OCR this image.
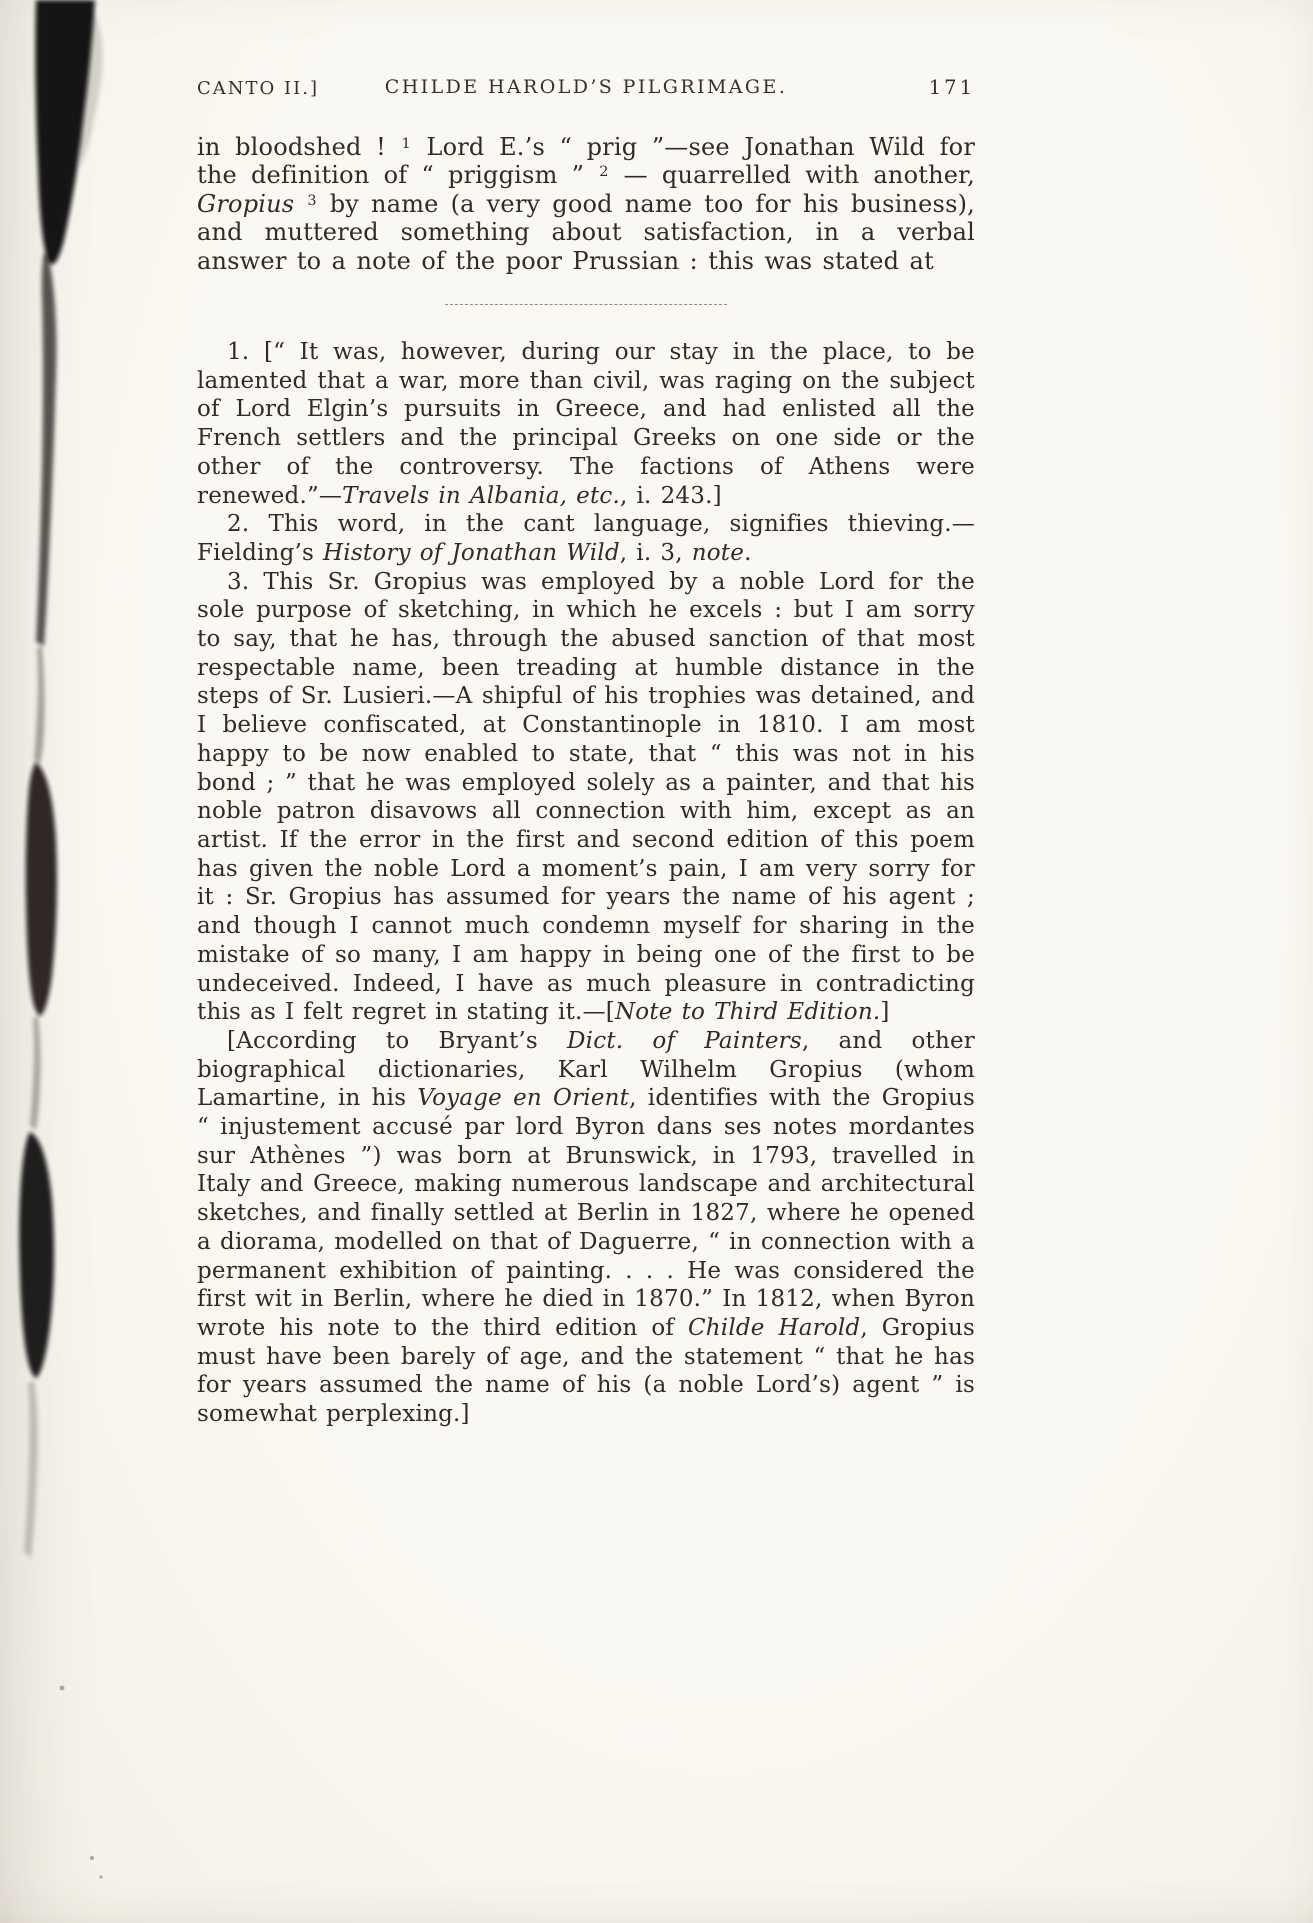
CHILDE HAROLD’S PILGRIMAGE.
CANTO II.]	171

in bloodshed ! $^1$ Lord E.’s “ prig ”—see Jonathan Wild for the definition of “ priggism ” $^2$ — quarrelled with another, Gropius $^3$ by name (a very good name too for his business), and muttered something about satisfaction, in a verbal answer to a note of the poor Prussian : this was stated at

1. [“ It was, however, during our stay in the place, to be lamented that a war, more than civil, was raging on the subject of Lord Elgin’s pursuits in Greece, and had enlisted all the French settlers and the principal Greeks on one side or the other of the controversy. The factions of Athens were renewed.”—Travels in Albania, etc., i. 243.]

2. This word, in the cant language, signifies thieving.—Fielding’s History of Jonathan Wild, i. 3, note.

3. This Sr. Gropius was employed by a noble Lord for the sole purpose of sketching, in which he excels : but I am sorry to say, that he has, through the abused sanction of that most respectable name, been treading at humble distance in the steps of Sr. Lusieri.—A shipful of his trophies was detained, and I believe confiscated, at Constantinople in 1810. I am most happy to be now enabled to state, that “ this was not in his bond ; ” that he was employed solely as a painter, and that his noble patron disavows all connection with him, except as an artist. If the error in the first and second edition of this poem has given the noble Lord a moment’s pain, I am very sorry for it : Sr. Gropius has assumed for years the name of his agent ; and though I cannot much condemn myself for sharing in the mistake of so many, I am happy in being one of the first to be undeceived. Indeed, I have as much pleasure in contradicting this as I felt regret in stating it.—[Note to Third Edition.]

[According to Bryant’s Dict. of Painters, and other biographical dictionaries, Karl Wilhelm Gropius (whom Lamartine, in his Voyage en Orient, identifies with the Gropius “ injustement accusé par lord Byron dans ses notes mordantes sur Athènes ”) was born at Brunswick, in 1793, travelled in Italy and Greece, making numerous landscape and architectural sketches, and finally settled at Berlin in 1827, where he opened a diorama, modelled on that of Daguerre, “ in connection with a permanent exhibition of painting. . . . He was considered the first wit in Berlin, where he died in 1870.” In 1812, when Byron wrote his note to the third edition of Childe Harold, Gropius must have been barely of age, and the statement “ that he has for years assumed the name of his (a noble Lord’s) agent ” is somewhat perplexing.]
